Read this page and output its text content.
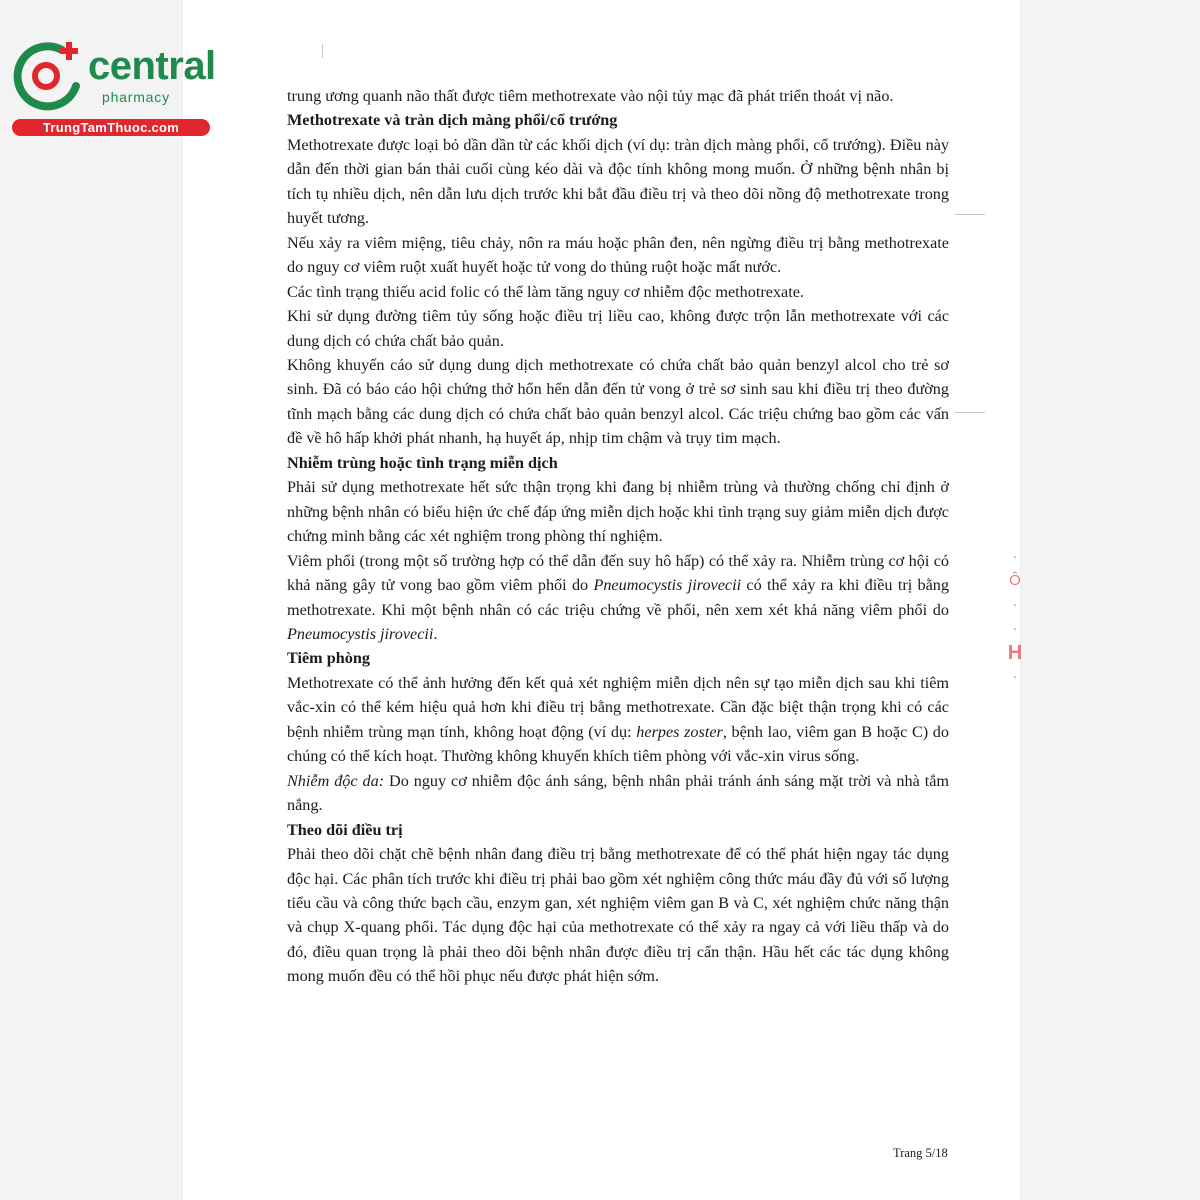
central
pharmacy
TrungTamThuoc.com

trung ương quanh não thất được tiêm methotrexate vào nội tủy mạc đã phát triển thoát vị não.

Methotrexate và tràn dịch màng phổi/cổ trướng

Methotrexate được loại bỏ dần dần từ các khối dịch (ví dụ: tràn dịch màng phổi, cổ trướng). Điều này dẫn đến thời gian bán thải cuối cùng kéo dài và độc tính không mong muốn. Ở những bệnh nhân bị tích tụ nhiều dịch, nên dẫn lưu dịch trước khi bắt đầu điều trị và theo dõi nồng độ methotrexate trong huyết tương.

Nếu xảy ra viêm miệng, tiêu chảy, nôn ra máu hoặc phân đen, nên ngừng điều trị bằng methotrexate do nguy cơ viêm ruột xuất huyết hoặc tử vong do thủng ruột hoặc mất nước.

Các tình trạng thiếu acid folic có thể làm tăng nguy cơ nhiễm độc methotrexate.

Khi sử dụng đường tiêm tủy sống hoặc điều trị liều cao, không được trộn lẫn methotrexate với các dung dịch có chứa chất bảo quản.

Không khuyến cáo sử dụng dung dịch methotrexate có chứa chất bảo quản benzyl alcol cho trẻ sơ sinh. Đã có báo cáo hội chứng thở hổn hển dẫn đến tử vong ở trẻ sơ sinh sau khi điều trị theo đường tĩnh mạch bằng các dung dịch có chứa chất bảo quản benzyl alcol. Các triệu chứng bao gồm các vấn đề về hô hấp khởi phát nhanh, hạ huyết áp, nhịp tim chậm và trụy tim mạch.

Nhiễm trùng hoặc tình trạng miễn dịch

Phải sử dụng methotrexate hết sức thận trọng khi đang bị nhiễm trùng và thường chống chỉ định ở những bệnh nhân có biểu hiện ức chế đáp ứng miễn dịch hoặc khi tình trạng suy giảm miễn dịch được chứng minh bằng các xét nghiệm trong phòng thí nghiệm.

Viêm phổi (trong một số trường hợp có thể dẫn đến suy hô hấp) có thể xảy ra. Nhiễm trùng cơ hội có khả năng gây tử vong bao gồm viêm phổi do Pneumocystis jirovecii có thể xảy ra khi điều trị bằng methotrexate. Khi một bệnh nhân có các triệu chứng về phổi, nên xem xét khả năng viêm phổi do Pneumocystis jirovecii.

Tiêm phòng

Methotrexate có thể ảnh hưởng đến kết quả xét nghiệm miễn dịch nên sự tạo miễn dịch sau khi tiêm vắc-xin có thể kém hiệu quả hơn khi điều trị bằng methotrexate. Cần đặc biệt thận trọng khi có các bệnh nhiễm trùng mạn tính, không hoạt động (ví dụ: herpes zoster, bệnh lao, viêm gan B hoặc C) do chúng có thể kích hoạt. Thường không khuyến khích tiêm phòng với vắc-xin virus sống.

Nhiễm độc da: Do nguy cơ nhiễm độc ánh sáng, bệnh nhân phải tránh ánh sáng mặt trời và nhà tắm nắng.

Theo dõi điều trị

Phải theo dõi chặt chẽ bệnh nhân đang điều trị bằng methotrexate để có thể phát hiện ngay tác dụng độc hại. Các phân tích trước khi điều trị phải bao gồm xét nghiệm công thức máu đầy đủ với số lượng tiểu cầu và công thức bạch cầu, enzym gan, xét nghiệm viêm gan B và C, xét nghiệm chức năng thận và chụp X-quang phổi. Tác dụng độc hại của methotrexate có thể xảy ra ngay cả với liều thấp và do đó, điều quan trọng là phải theo dõi bệnh nhân được điều trị cẩn thận. Hầu hết các tác dụng không mong muốn đều có thể hồi phục nếu được phát hiện sớm.

Trang 5/18
·
Ô
·
·
H
·
